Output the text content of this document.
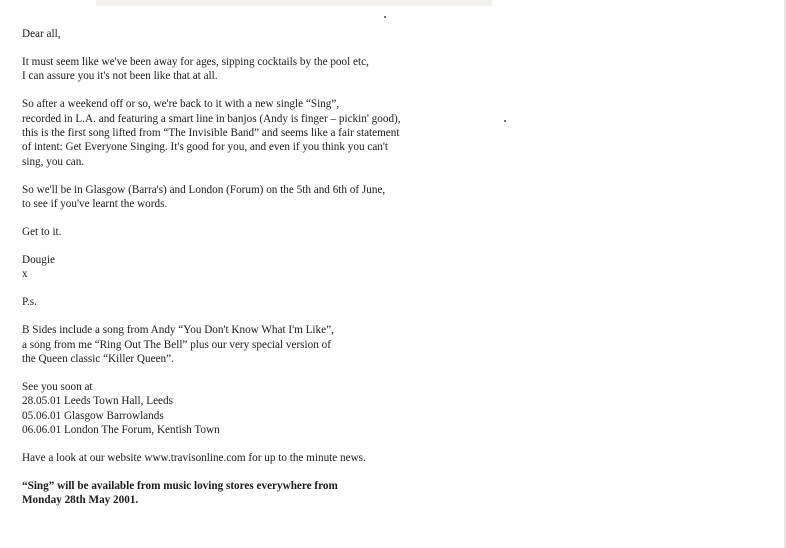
Dear all,

It must seem like we've been away for ages, sipping cocktails by the pool etc,
I can assure you it's not been like that at all.

So after a weekend off or so, we're back to it with a new single “Sing”,
recorded in L.A. and featuring a smart line in banjos (Andy is finger – pickin' good),
this is the first song lifted from “The Invisible Band” and seems like a fair statement
of intent: Get Everyone Singing. It's good for you, and even if you think you can't
sing, you can.

So we'll be in Glasgow (Barra's) and London (Forum) on the 5th and 6th of June,
to see if you've learnt the words.

Get to it.

Dougie
x

P.s.

B Sides include a song from Andy “You Don't Know What I'm Like”,
a song from me “Ring Out The Bell” plus our very special version of
the Queen classic “Killer Queen”.

See you soon at
28.05.01 Leeds Town Hall, Leeds
05.06.01 Glasgow Barrowlands
06.06.01 London The Forum, Kentish Town

Have a look at our website www.travisonline.com for up to the minute news.

“Sing” will be available from music loving stores everywhere from
Monday 28th May 2001.
